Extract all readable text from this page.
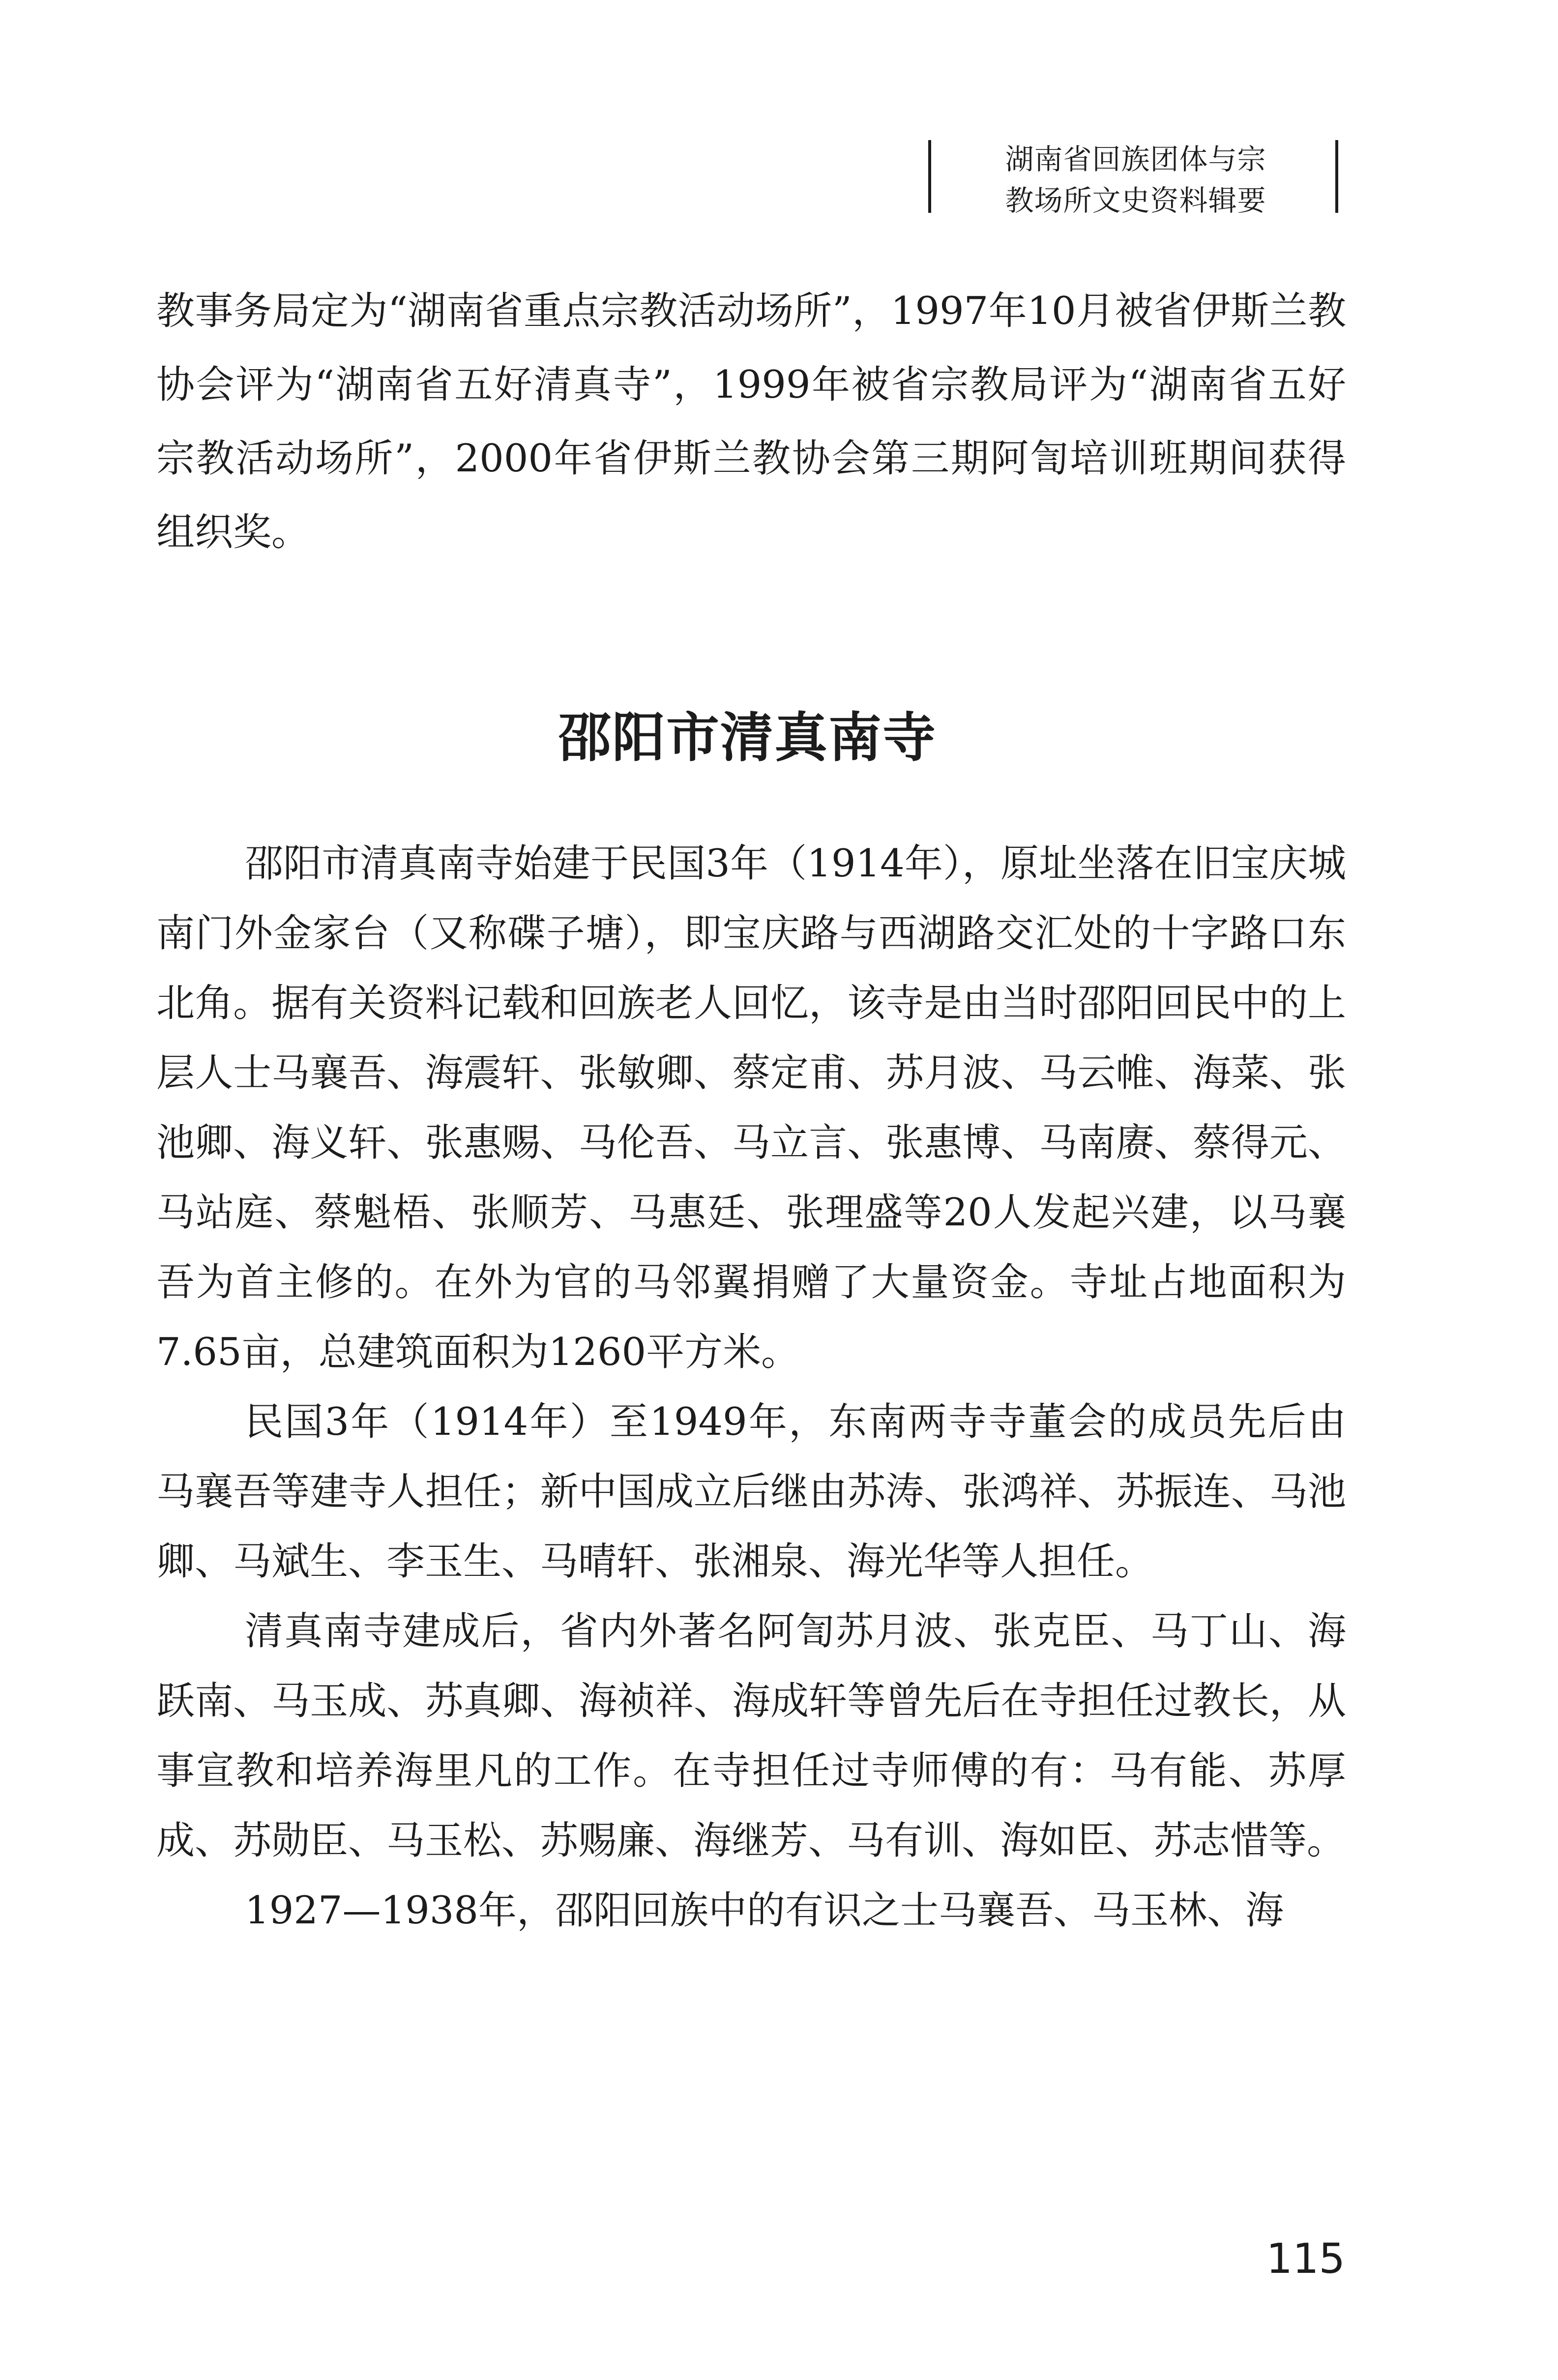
湖南省回族团体与宗
教场所文史资料辑要

教事务局定为“湖南省重点宗教活动场所”，1997年10月被省伊斯兰教协会评为“湖南省五好清真寺”，1999年被省宗教局评为“湖南省五好宗教活动场所”，2000年省伊斯兰教协会第三期阿訇培训班期间获得组织奖。

邵阳市清真南寺

邵阳市清真南寺始建于民国3年（1914年），原址坐落在旧宝庆城南门外金家台（又称碟子塘），即宝庆路与西湖路交汇处的十字路口东北角。据有关资料记载和回族老人回忆，该寺是由当时邵阳回民中的上层人士马襄吾、海震轩、张敏卿、蔡定甫、苏月波、马云帷、海菜、张池卿、海义轩、张惠赐、马伦吾、马立言、张惠博、马南赓、蔡得元、马站庭、蔡魁梧、张顺芳、马惠廷、张理盛等20人发起兴建，以马襄吾为首主修的。在外为官的马邻翼捐赠了大量资金。寺址占地面积为7.65亩，总建筑面积为1260平方米。

民国3年（1914年）至1949年，东南两寺寺董会的成员先后由马襄吾等建寺人担任；新中国成立后继由苏涛、张鸿祥、苏振连、马池卿、马斌生、李玉生、马晴轩、张湘泉、海光华等人担任。

清真南寺建成后，省内外著名阿訇苏月波、张克臣、马丁山、海跃南、马玉成、苏真卿、海祯祥、海成轩等曾先后在寺担任过教长，从事宣教和培养海里凡的工作。在寺担任过寺师傅的有：马有能、苏厚成、苏勋臣、马玉松、苏赐廉、海继芳、马有训、海如臣、苏志惜等。

1927—1938年，邵阳回族中的有识之士马襄吾、马玉林、海

115
